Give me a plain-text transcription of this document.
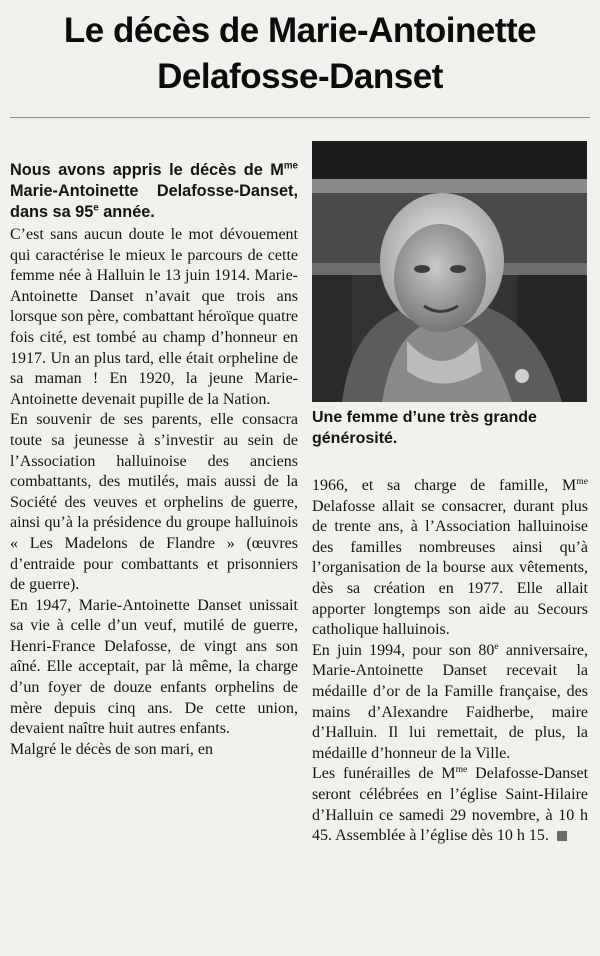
Le décès de Marie-Antoinette
Delafosse-Danset

Nous avons appris le décès de $M^{me}$ Marie-Antoinette Delafosse-Danset, dans sa 95e année.

C’est sans aucun doute le mot dévouement qui caractérise le mieux le parcours de cette femme née à Halluin le 13 juin 1914. Marie-Antoinette Danset n’avait que trois ans lorsque son père, combattant héroïque quatre fois cité, est tombé au champ d’honneur en 1917. Un an plus tard, elle était orpheline de sa maman ! En 1920, la jeune Marie-Antoinette devenait pupille de la Nation.

En souvenir de ses parents, elle consacra toute sa jeunesse à s’investir au sein de l’Association halluinoise des anciens combattants, des mutilés, mais aussi de la Société des veuves et orphelins de guerre, ainsi qu’à la présidence du groupe halluinois « Les Madelons de Flandre » (œuvres d’entraide pour combattants et prisonniers de guerre).

En 1947, Marie-Antoinette Danset unissait sa vie à celle d’un veuf, mutilé de guerre, Henri-France Delafosse, de vingt ans son aîné. Elle acceptait, par là même, la charge d’un foyer de douze enfants orphelins de mère depuis cinq ans. De cette union, devaient naître huit autres enfants.

Malgré le décès de son mari, en

Une femme d’une très grande générosité.

1966, et sa charge de famille, $M^{me}$ Delafosse allait se consacrer, durant plus de trente ans, à l’Association halluinoise des familles nombreuses ainsi qu’à l’organisation de la bourse aux vêtements, dès sa création en 1977. Elle allait apporter longtemps son aide au Secours catholique halluinois.

En juin 1994, pour son 80e anniversaire, Marie-Antoinette Danset recevait la médaille d’or de la Famille française, des mains d’Alexandre Faidherbe, maire d’Halluin. Il lui remettait, de plus, la médaille d’honneur de la Ville.

Les funérailles de $M^{me}$ Delafosse-Danset seront célébrées en l’église Saint-Hilaire d’Halluin ce samedi 29 novembre, à 10 h 45. Assemblée à l’église dès 10 h 15.
